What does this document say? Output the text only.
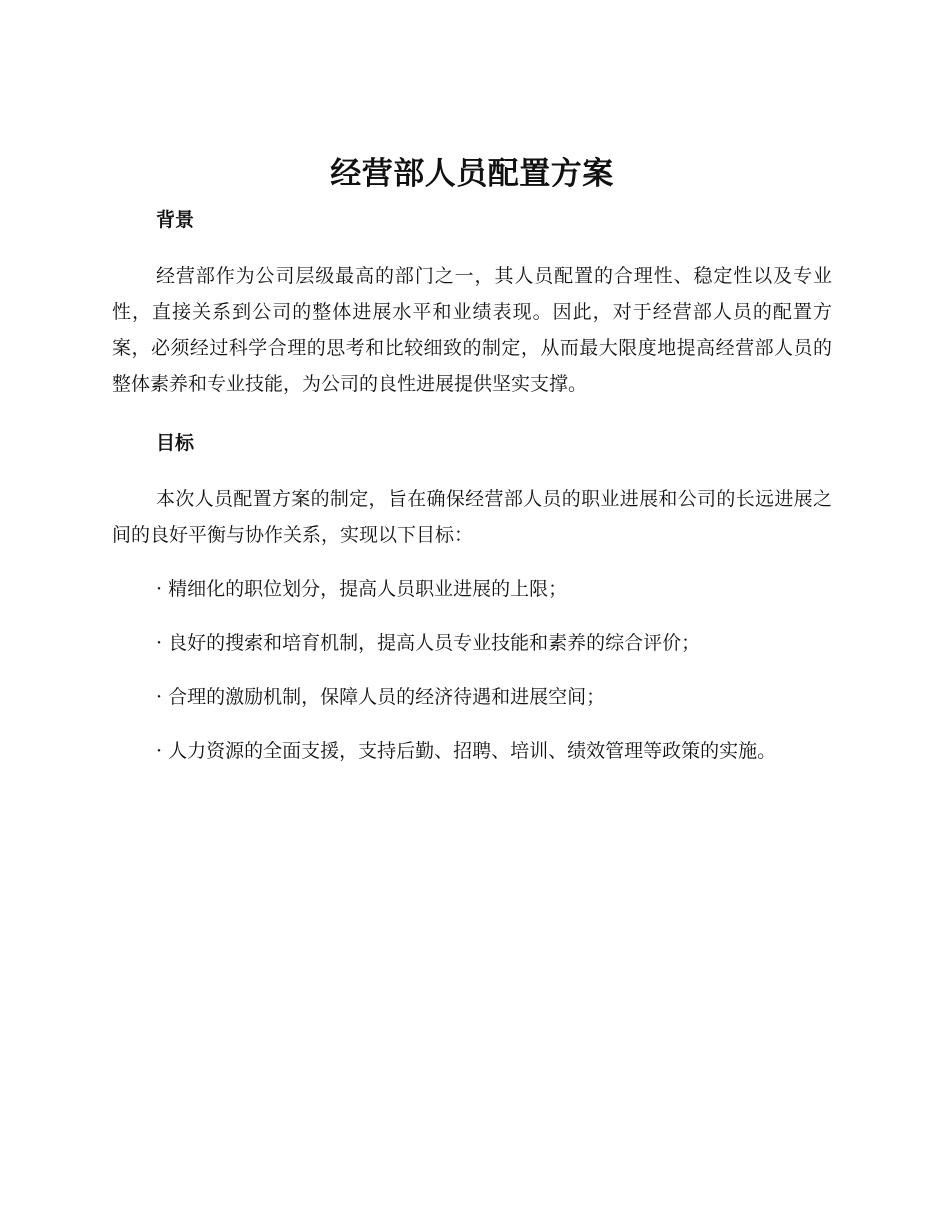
经营部人员配置方案
背景

经营部作为公司层级最高的部门之一，其人员配置的合理性、稳定性以及专业性，直接关系到公司的整体进展水平和业绩表现。因此，对于经营部人员的配置方案，必须经过科学合理的思考和比较细致的制定，从而最大限度地提高经营部人员的整体素养和专业技能，为公司的良性进展提供坚实支撑。

目标

本次人员配置方案的制定，旨在确保经营部人员的职业进展和公司的长远进展之间的良好平衡与协作关系，实现以下目标：

· 精细化的职位划分，提高人员职业进展的上限；

· 良好的搜索和培育机制，提高人员专业技能和素养的综合评价；

· 合理的激励机制，保障人员的经济待遇和进展空间；

· 人力资源的全面支援，支持后勤、招聘、培训、绩效管理等政策的实施。
